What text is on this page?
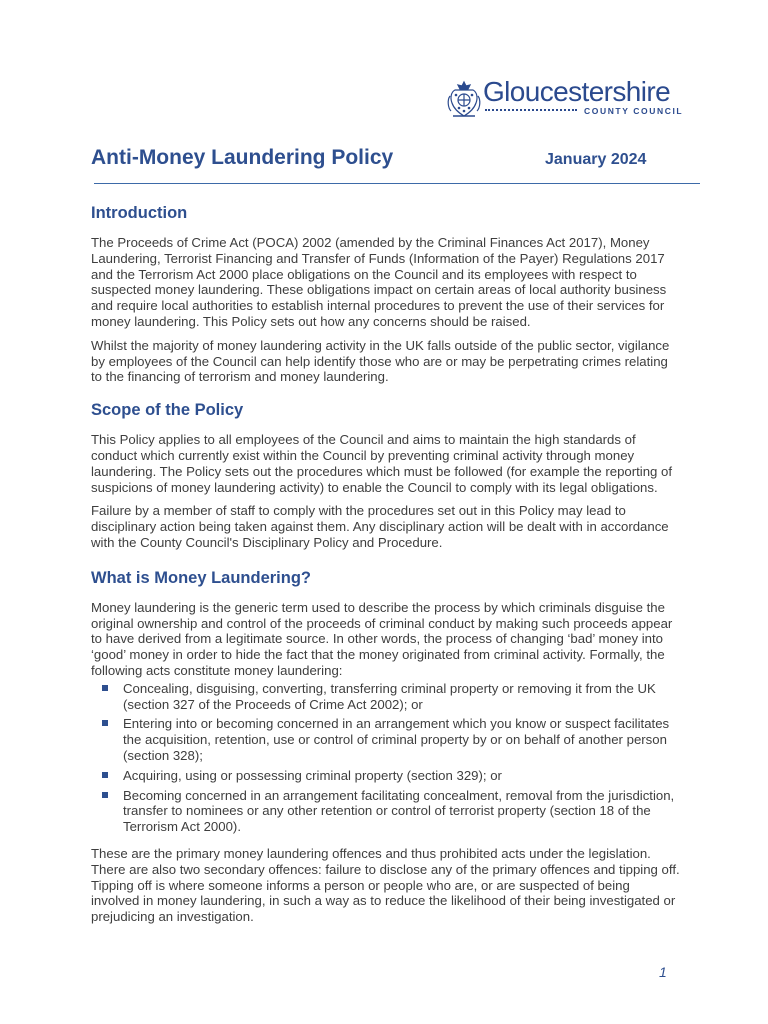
Gloucestershire
COUNTY COUNCIL
Anti-Money Laundering Policy	January 2024
Introduction

The Proceeds of Crime Act (POCA) 2002 (amended by the Criminal Finances Act 2017), Money Laundering, Terrorist Financing and Transfer of Funds (Information of the Payer) Regulations 2017 and the Terrorism Act 2000 place obligations on the Council and its employees with respect to suspected money laundering. These obligations impact on certain areas of local authority business and require local authorities to establish internal procedures to prevent the use of their services for money laundering. This Policy sets out how any concerns should be raised.

Whilst the majority of money laundering activity in the UK falls outside of the public sector, vigilance by employees of the Council can help identify those who are or may be perpetrating crimes relating to the financing of terrorism and money laundering.

Scope of the Policy

This Policy applies to all employees of the Council and aims to maintain the high standards of conduct which currently exist within the Council by preventing criminal activity through money laundering. The Policy sets out the procedures which must be followed (for example the reporting of suspicions of money laundering activity) to enable the Council to comply with its legal obligations.

Failure by a member of staff to comply with the procedures set out in this Policy may lead to disciplinary action being taken against them. Any disciplinary action will be dealt with in accordance with the County Council's Disciplinary Policy and Procedure.

What is Money Laundering?

Money laundering is the generic term used to describe the process by which criminals disguise the original ownership and control of the proceeds of criminal conduct by making such proceeds appear to have derived from a legitimate source. In other words, the process of changing ‘bad’ money into ‘good’ money in order to hide the fact that the money originated from criminal activity. Formally, the following acts constitute money laundering:

Concealing, disguising, converting, transferring criminal property or removing it from the UK (section 327 of the Proceeds of Crime Act 2002); or
Entering into or becoming concerned in an arrangement which you know or suspect facilitates the acquisition, retention, use or control of criminal property by or on behalf of another person (section 328);
Acquiring, using or possessing criminal property (section 329); or
Becoming concerned in an arrangement facilitating concealment, removal from the jurisdiction, transfer to nominees or any other retention or control of terrorist property (section 18 of the Terrorism Act 2000).

These are the primary money laundering offences and thus prohibited acts under the legislation. There are also two secondary offences: failure to disclose any of the primary offences and tipping off. Tipping off is where someone informs a person or people who are, or are suspected of being involved in money laundering, in such a way as to reduce the likelihood of their being investigated or prejudicing an investigation.

1
